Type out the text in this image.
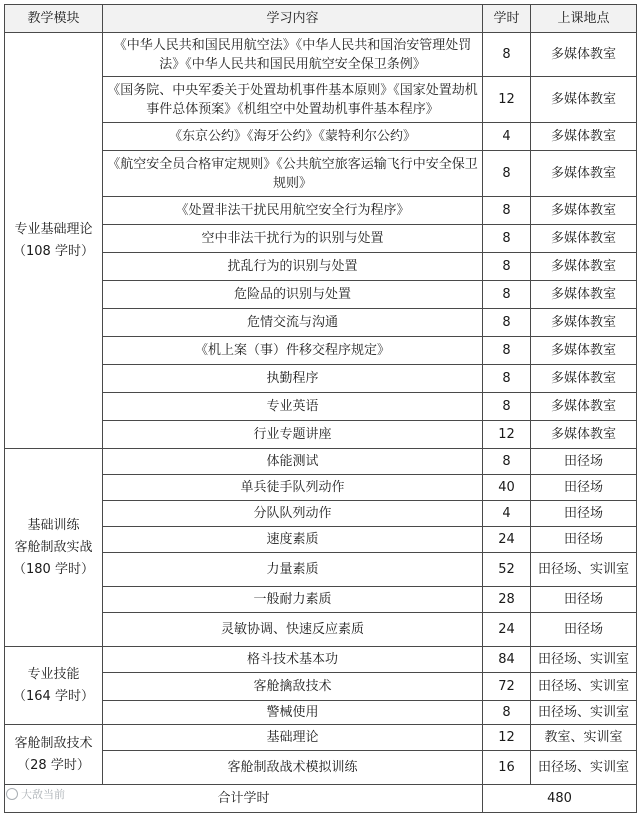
教学模块	学习内容	学时	上课地点

专业基础理论
（108 学时）	《中华人民共和国民用航空法》《中华人民共和国治安管理处罚法》《中华人民共和国民用航空安全保卫条例》	8	多媒体教室
	《国务院、中央军委关于处置劫机事件基本原则》《国家处置劫机事件总体预案》《机组空中处置劫机事件基本程序》	12	多媒体教室
	《东京公约》《海牙公约》《蒙特利尔公约》	4	多媒体教室
	《航空安全员合格审定规则》《公共航空旅客运输飞行中安全保卫规则》	8	多媒体教室
	《处置非法干扰民用航空安全行为程序》	8	多媒体教室
	空中非法干扰行为的识别与处置	8	多媒体教室
	扰乱行为的识别与处置	8	多媒体教室
	危险品的识别与处置	8	多媒体教室
	危情交流与沟通	8	多媒体教室
	《机上案（事）件移交程序规定》	8	多媒体教室
	执勤程序	8	多媒体教室
	专业英语	8	多媒体教室
	行业专题讲座	12	多媒体教室

基础训练
客舱制敌实战
（180 学时）	体能测试	8	田径场
	单兵徒手队列动作	40	田径场
	分队队列动作	4	田径场
	速度素质	24	田径场
	力量素质	52	田径场、实训室
	一般耐力素质	28	田径场
	灵敏协调、快速反应素质	24	田径场

专业技能
（164 学时）	格斗技术基本功	84	田径场、实训室
	客舱擒敌技术	72	田径场、实训室
	警械使用	8	田径场、实训室

客舱制敌技术
（28 学时）	基础理论	12	教室、实训室
	客舱制敌战术模拟训练	16	田径场、实训室
合计学时		480	
大敌当前
